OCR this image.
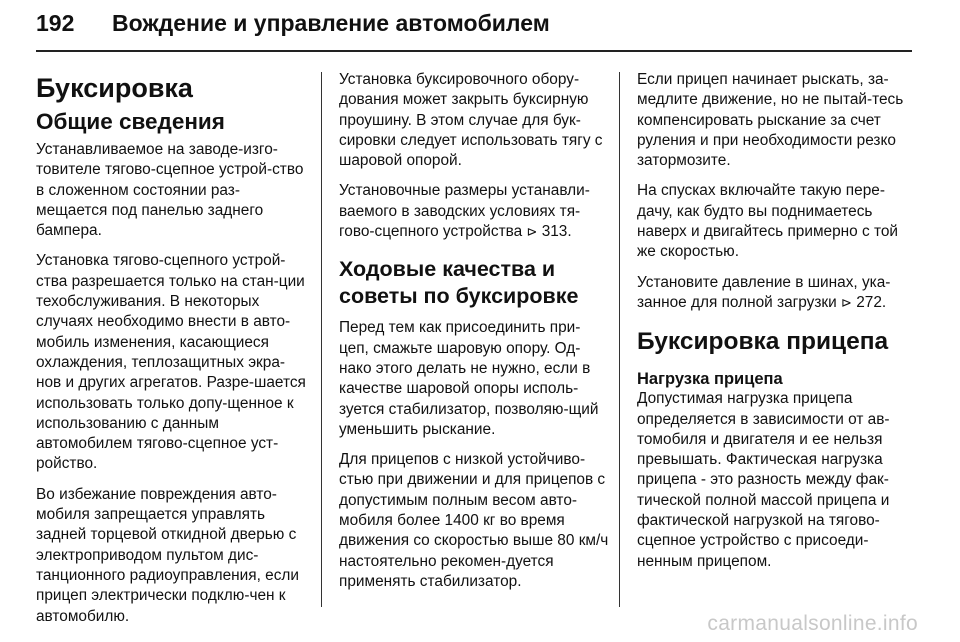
192 Вождение и управление автомобилем
Буксировка
Общие сведения

Устанавливаемое на заводе-изго-товителе тягово-сцепное устрой-ство в сложенном состоянии раз-мещается под панелью заднего бампера.

Установка тягово-сцепного устрой-ства разрешается только на стан-ции техобслуживания. В некоторых случаях необходимо внести в авто-мобиль изменения, касающиеся охлаждения, теплозащитных экра-нов и других агрегатов. Разре-шается использовать только допу-щенное к использованию с данным автомобилем тягово-сцепное уст-ройство.

Во избежание повреждения авто-мобиля запрещается управлять задней торцевой откидной дверью с электроприводом пультом дис-танционного радиоуправления, если прицеп электрически подклю-чен к автомобилю.

Установка буксировочного обору-дования может закрыть буксирную проушину. В этом случае для бук-сировки следует использовать тягу с шаровой опорой.

Установочные размеры устанавли-ваемого в заводских условиях тя-гово-сцепного устройства ⊳ 313.

Ходовые качества и советы по буксировке

Перед тем как присоединить при-цеп, смажьте шаровую опору. Од-нако этого делать не нужно, если в качестве шаровой опоры исполь-зуется стабилизатор, позволяю-щий уменьшить рыскание.

Для прицепов с низкой устойчиво-стью при движении и для прицепов с допустимым полным весом авто-мобиля более 1400 кг во время движения со скоростью выше 80 км/ч настоятельно рекомен-дуется применять стабилизатор.

Если прицеп начинает рыскать, за-медлите движение, но не пытай-тесь компенсировать рыскание за счет руления и при необходимости резко затормозите.

На спусках включайте такую пере-дачу, как будто вы поднимаетесь наверх и двигайтесь примерно с той же скоростью.

Установите давление в шинах, ука-занное для полной загрузки ⊳ 272.

Буксировка прицепа
Нагрузка прицепа

Допустимая нагрузка прицепа определяется в зависимости от ав-томобиля и двигателя и ее нельзя превышать. Фактическая нагрузка прицепа - это разность между фак-тической полной массой прицепа и фактической нагрузкой на тягово-сцепное устройство с присоеди-ненным прицепом.

carmanualsonline.info
